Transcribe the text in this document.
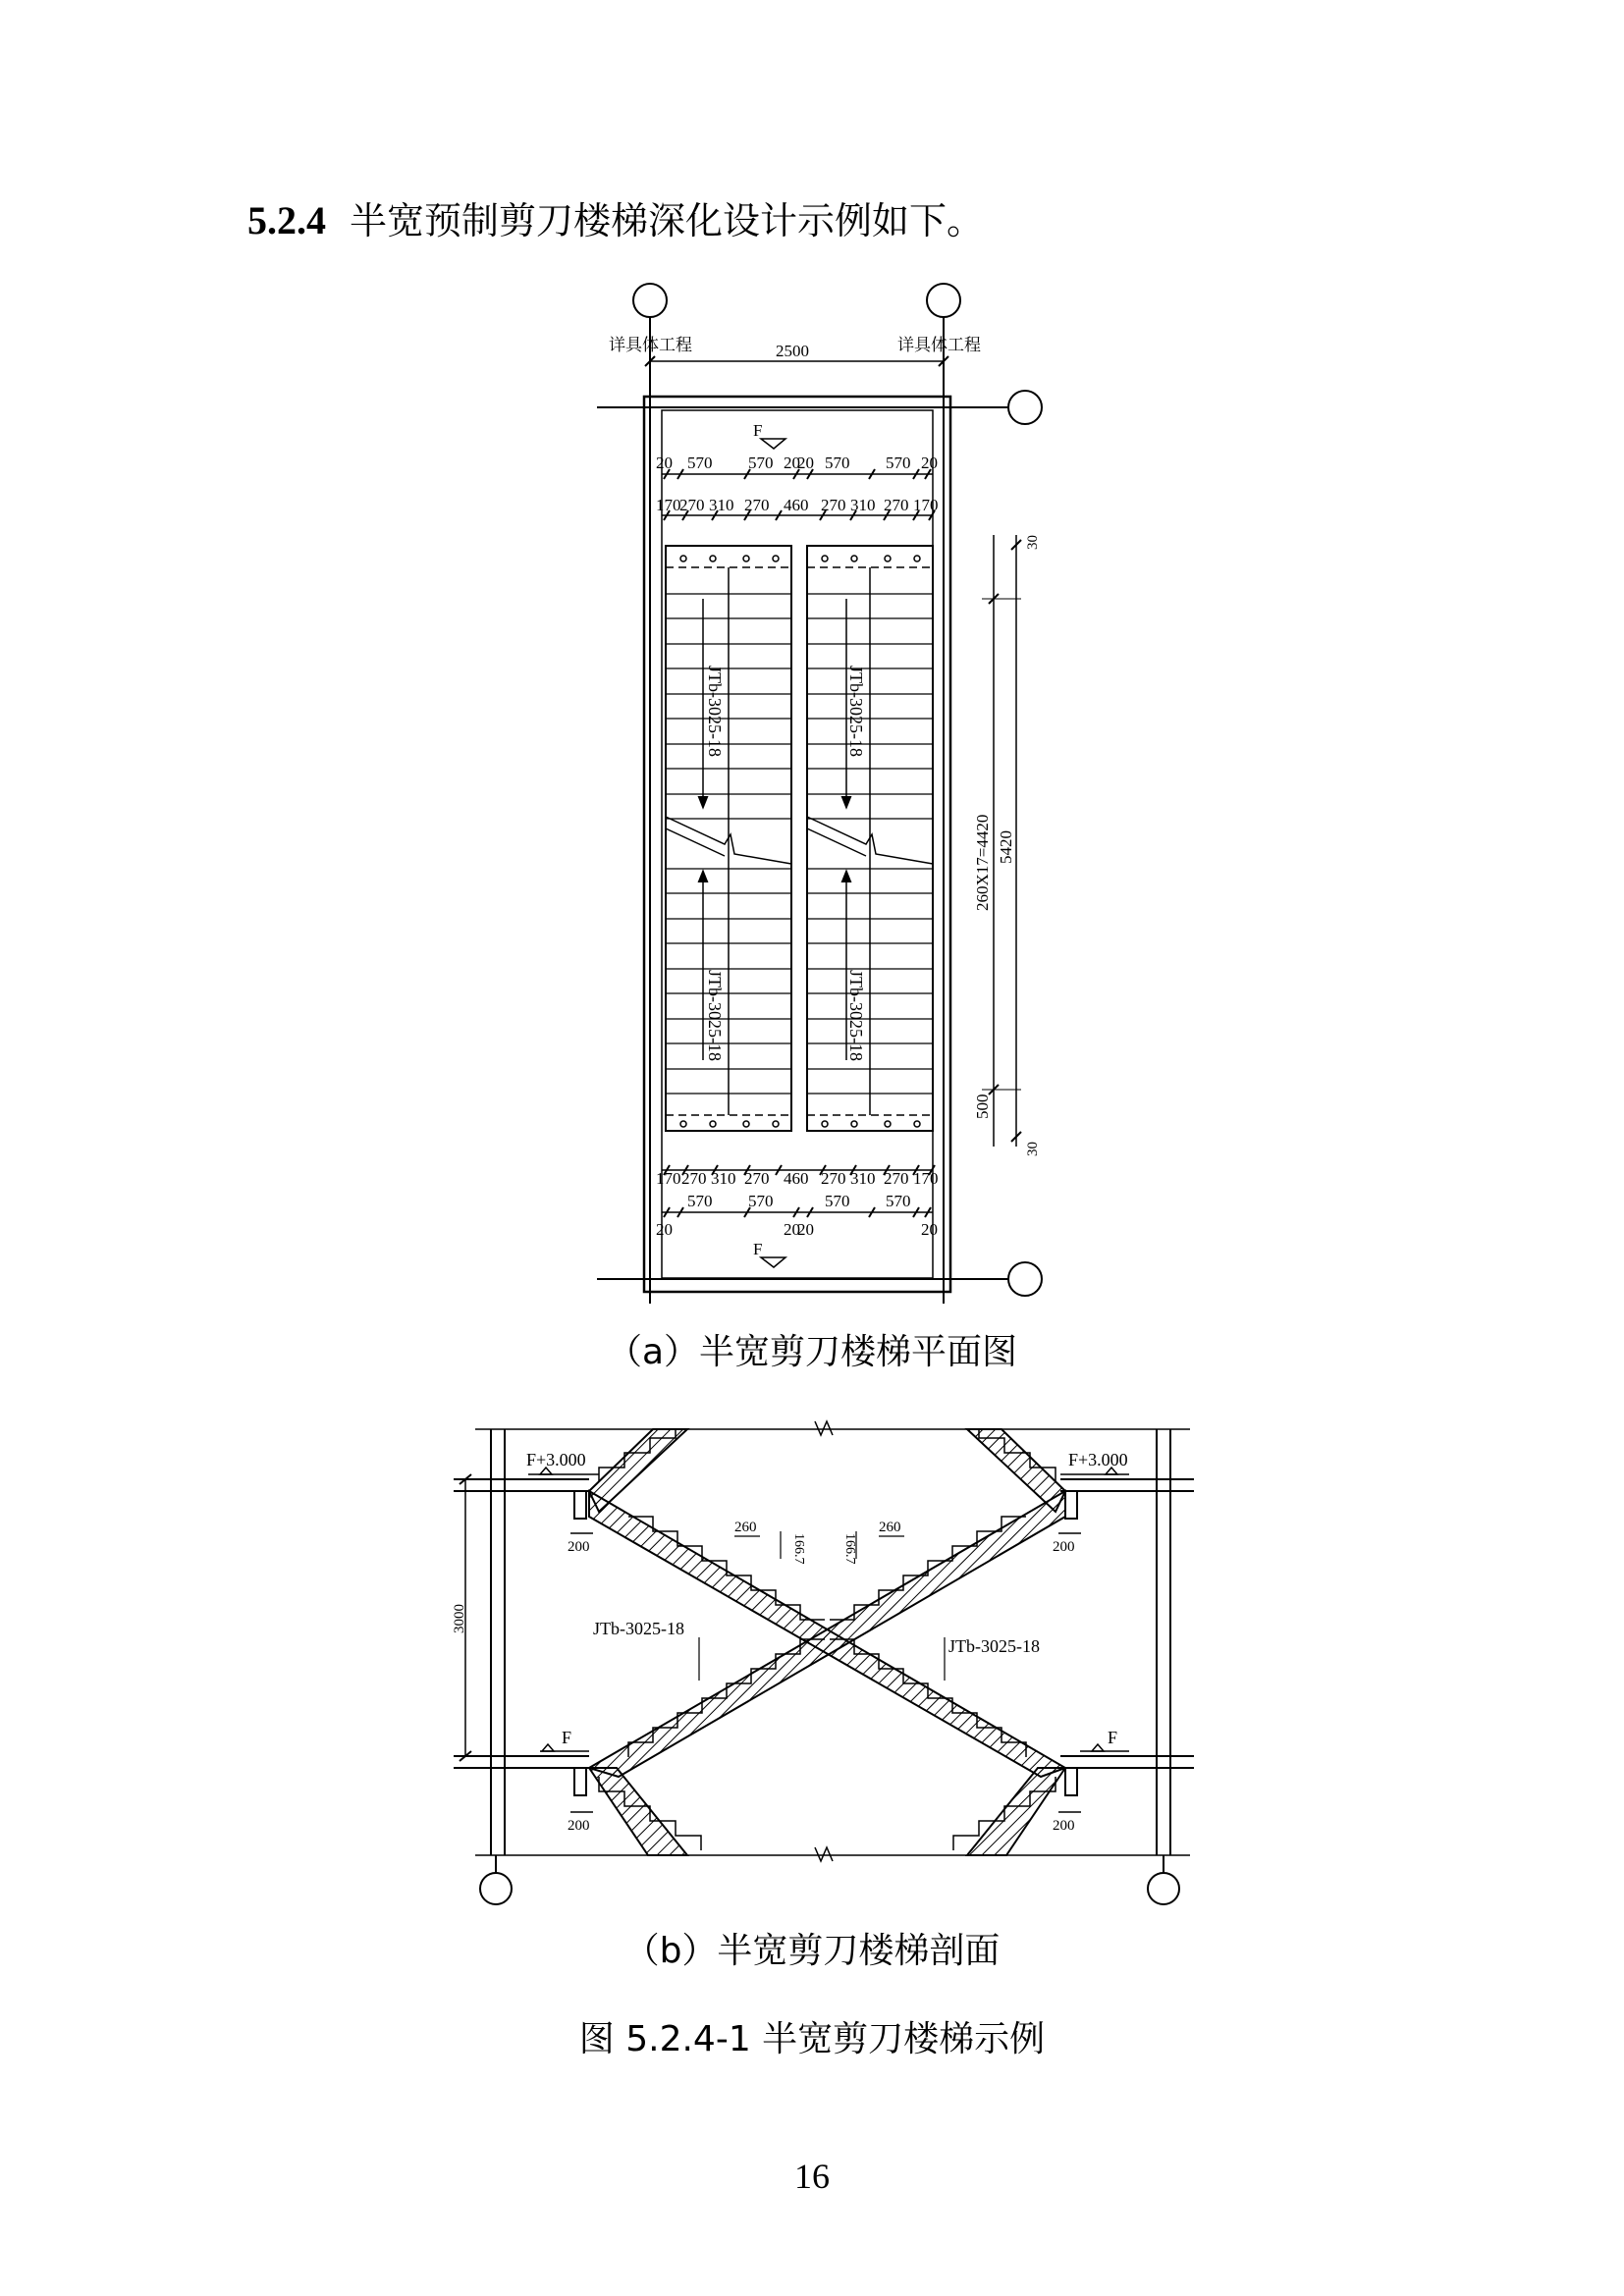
5.2.4 半宽预制剪刀楼梯深化设计示例如下。
详具体工程	详具体工程
2500
F
F
20 570 570 20
20 570 570 20
170
270 310 270 460 270 310 270 170
170 270 310 270 460 270 310 270 170
20
570 570
20
20
570 570
20
JTb-3025-18	JTb-3025-18
JTb-3025-18	JTb-3025-18
260X17=4420 5420
500
30
30
F+3.000	F+3.000
F	F
3000
200	200
200	200
260	260
166.7	166.7
JTb-3025-18
JTb-3025-18
（a）半宽剪刀楼梯平面图
（b）半宽剪刀楼梯剖面
图 5.2.4-1 半宽剪刀楼梯示例
16
